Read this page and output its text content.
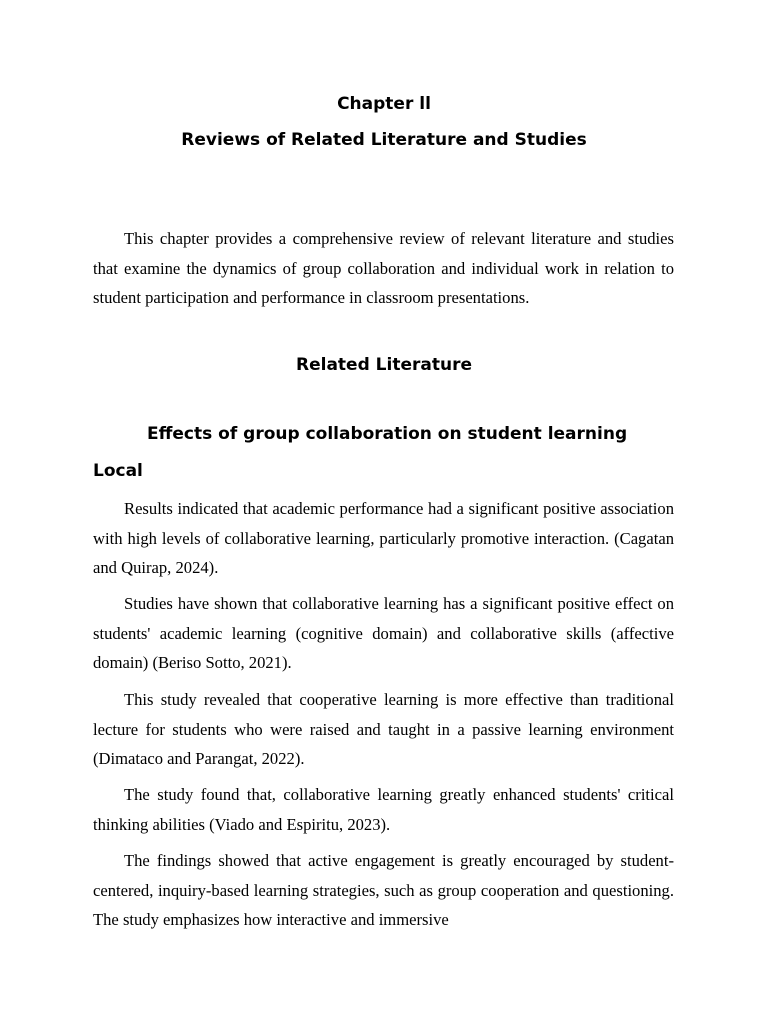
Chapter ll
Reviews of Related Literature and Studies

This chapter provides a comprehensive review of relevant literature and studies that examine the dynamics of group collaboration and individual work in relation to student participation and performance in classroom presentations.

Related Literature
Effects of group collaboration on student learning
Local

Results indicated that academic performance had a significant positive association with high levels of collaborative learning, particularly promotive interaction. (Cagatan and Quirap, 2024).

Studies have shown that collaborative learning has a significant positive effect on students' academic learning (cognitive domain) and collaborative skills (affective domain) (Beriso Sotto, 2021).

This study revealed that cooperative learning is more effective than traditional lecture for students who were raised and taught in a passive learning environment (Dimataco and Parangat, 2022).

The study found that, collaborative learning greatly enhanced students' critical thinking abilities (Viado and Espiritu, 2023).

The findings showed that active engagement is greatly encouraged by student-centered, inquiry-based learning strategies, such as group cooperation and questioning. The study emphasizes how interactive and immersive
